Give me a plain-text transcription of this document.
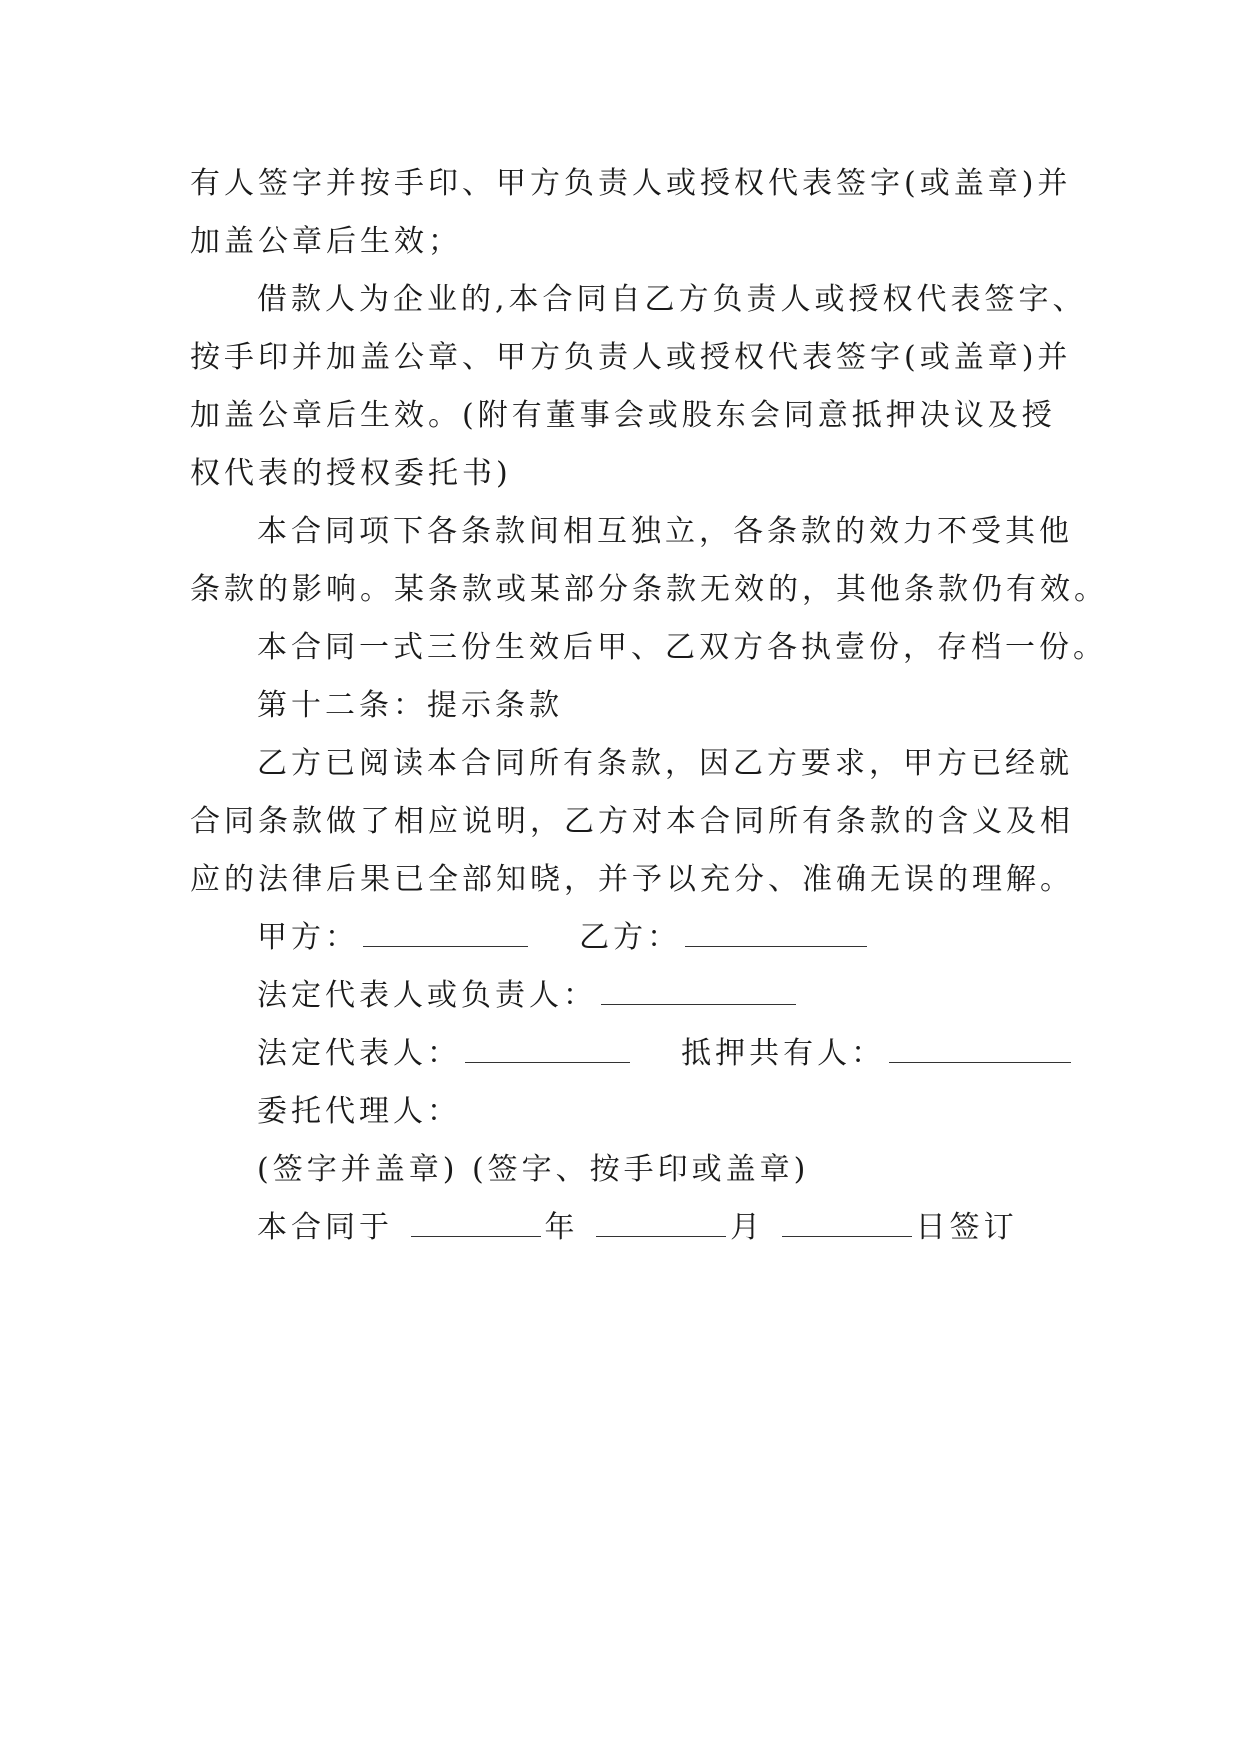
有人签字并按手印、甲方负责人或授权代表签字(或盖章)并
加盖公章后生效；
借款人为企业的,本合同自乙方负责人或授权代表签字、
按手印并加盖公章、甲方负责人或授权代表签字(或盖章)并
加盖公章后生效。(附有董事会或股东会同意抵押决议及授
权代表的授权委托书)
本合同项下各条款间相互独立，各条款的效力不受其他
条款的影响。某条款或某部分条款无效的，其他条款仍有效。
本合同一式三份生效后甲、乙双方各执壹份，存档一份。
第十二条：提示条款
乙方已阅读本合同所有条款，因乙方要求，甲方已经就
合同条款做了相应说明，乙方对本合同所有条款的含义及相
应的法律后果已全部知晓，并予以充分、准确无误的理解。
甲方：	乙方：
法定代表人或负责人：
法定代表人：	抵押共有人：
委托代理人：
(签字并盖章) (签字、按手印或盖章)
本合同于	年	月	日签订
